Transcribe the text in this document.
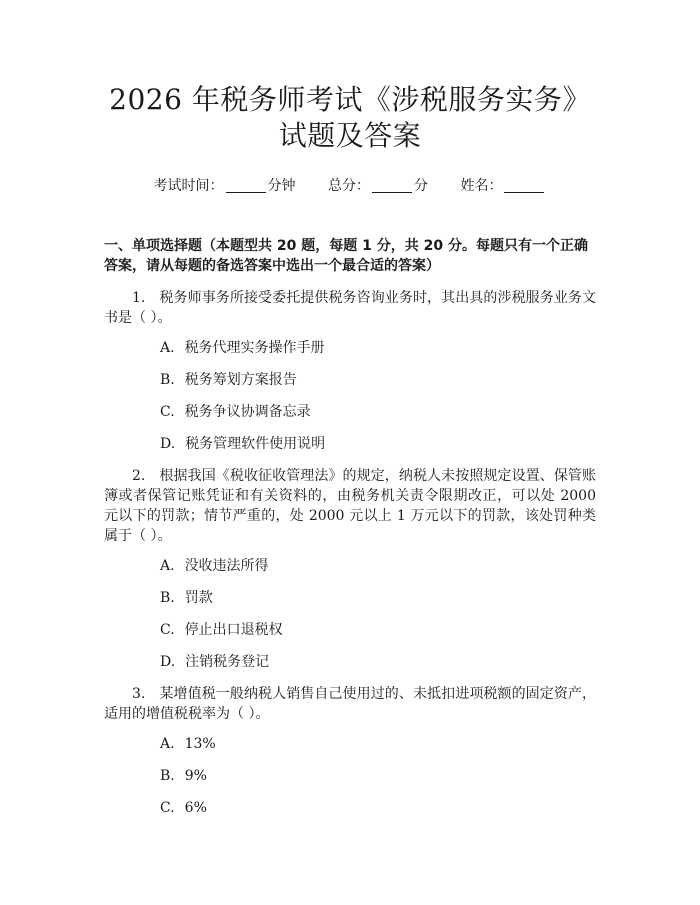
2026 年税务师考试《涉税服务实务》试题及答案
考试时间：	分钟 总分：	分 姓名：
一、单项选择题（本题型共 20 题，每题 1 分，共 20 分。每题只有一个正确答案，请从每题的备选答案中选出一个最合适的答案）
1. 税务师事务所接受委托提供税务咨询业务时，其出具的涉税服务业务文书是（ ）。
A. 税务代理实务操作手册
B. 税务筹划方案报告
C. 税务争议协调备忘录
D. 税务管理软件使用说明
2. 根据我国《税收征收管理法》的规定，纳税人未按照规定设置、保管账簿或者保管记账凭证和有关资料的，由税务机关责令限期改正，可以处 2000 元以下的罚款；情节严重的，处 2000 元以上 1 万元以下的罚款，该处罚种类属于（ ）。
A. 没收违法所得
B. 罚款
C. 停止出口退税权
D. 注销税务登记
3. 某增值税一般纳税人销售自己使用过的、未抵扣进项税额的固定资产，适用的增值税税率为（ ）。
A. 13%
B. 9%
C. 6%
